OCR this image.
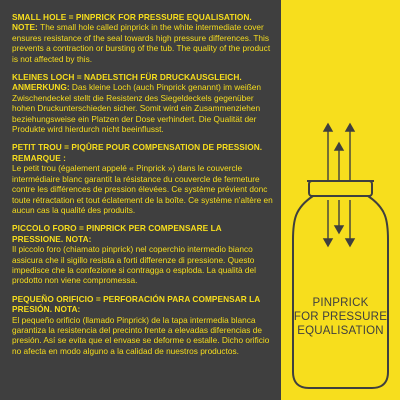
SMALL HOLE = PINPRICK FOR PRESSURE EQUALISATION.
NOTE: The small hole called pinprick in the white intermediate cover ensures resistance of the seal towards high pressure differences. This prevents a contraction or bursting of the tub. The quality of the product is not affected by this.
KLEINES LOCH = NADELSTICH FÜR DRUCKAUSGLEICH.
ANMERKUNG: Das kleine Loch (auch Pinprick genannt) im weißen Zwischendeckel stellt die Resistenz des Siegeldeckels gegenüber hohen Druckunterschieden sicher. Somit wird ein Zusammenziehen beziehungsweise ein Platzen der Dose verhindert. Die Qualität der Produkte wird hierdurch nicht beeinflusst.
PETIT TROU = PIQÛRE POUR COMPENSATION DE PRESSION. REMARQUE :
Le petit trou (également appelé « Pinprick ») dans le couvercle intermédiaire blanc garantit la résistance du couvercle de fermeture contre les différences de pression élevées. Ce système prévient donc toute rétractation et tout éclatement de la boîte. Ce système n'altère en aucun cas la qualité des produits.
PICCOLO FORO = PINPRICK PER COMPENSARE LA PRESSIONE. NOTA:
Il piccolo foro (chiamato pinprick) nel coperchio intermedio bianco assicura che il sigillo resista a forti differenze di pressione. Questo impedisce che la confezione si contragga o esploda. La qualità del prodotto non viene compromessa.
PEQUEÑO ORIFICIO = PERFORACIÓN PARA COMPENSAR LA PRESIÓN. NOTA:
El pequeño orificio (llamado Pinprick) de la tapa intermedia blanca garantiza la resistencia del precinto frente a elevadas diferencias de presión. Así se evita que el envase se deforme o estalle. Dicho orificio no afecta en modo alguno a la calidad de nuestros productos.
PINPRICK
FOR PRESSURE
EQUALISATION
